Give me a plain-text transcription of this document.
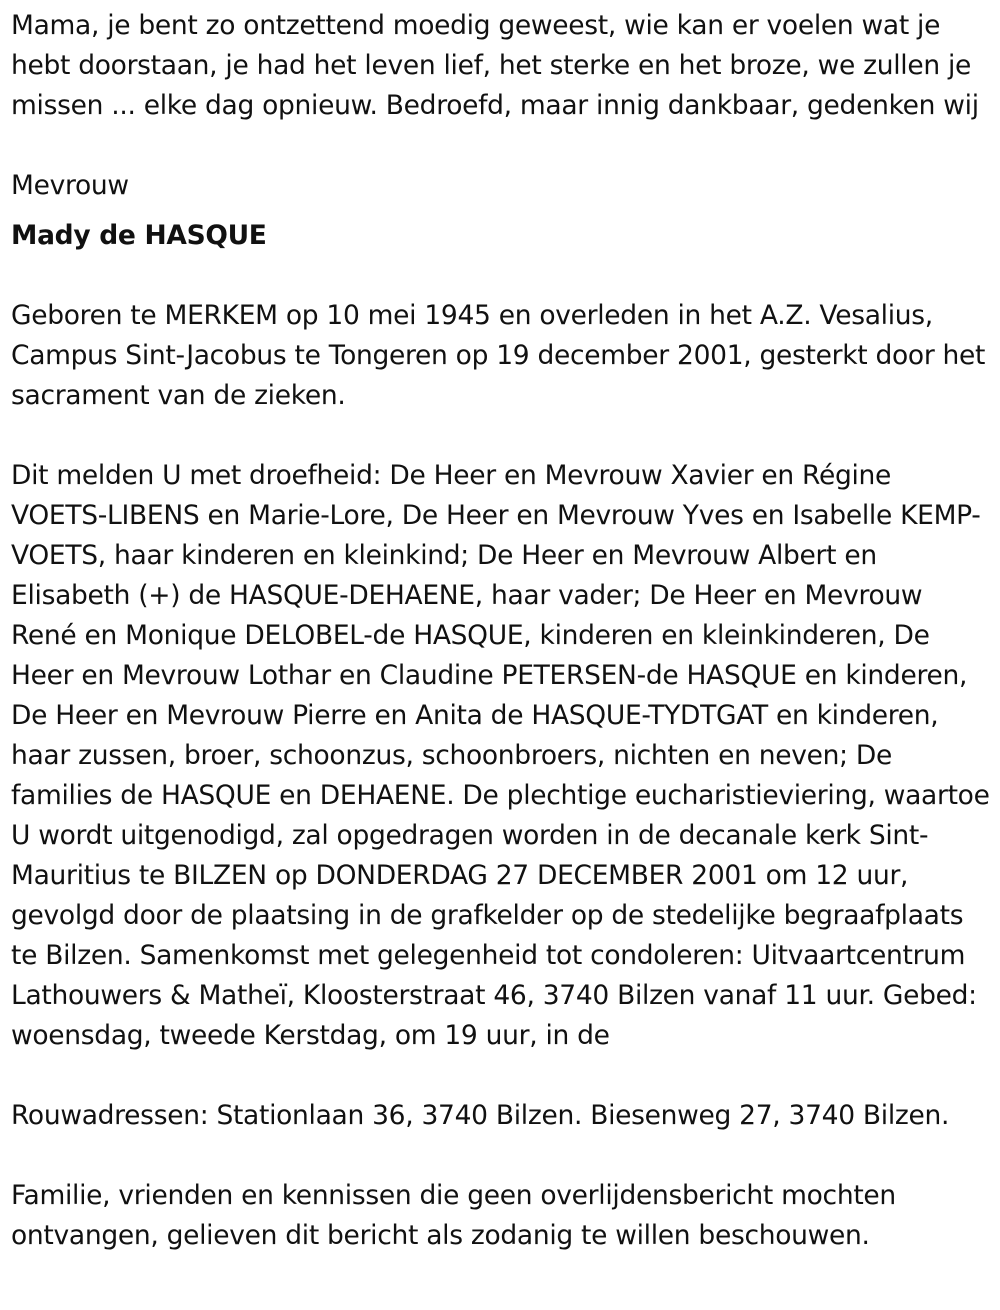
Mama, je bent zo ontzettend moedig geweest, wie kan er voelen wat je hebt doorstaan, je had het leven lief, het sterke en het broze, we zullen je missen ... elke dag opnieuw. Bedroefd, maar innig dankbaar, gedenken wij

Mevrouw

Mady de HASQUE

Geboren te MERKEM op 10 mei 1945 en overleden in het A.Z. Vesalius, Campus Sint-Jacobus te Tongeren op 19 december 2001, gesterkt door het sacrament van de zieken.

Dit melden U met droefheid: De Heer en Mevrouw Xavier en Régine VOETS-LIBENS en Marie-Lore, De Heer en Mevrouw Yves en Isabelle KEMP-VOETS, haar kinderen en kleinkind; De Heer en Mevrouw Albert en Elisabeth (+) de HASQUE-DEHAENE, haar vader; De Heer en Mevrouw René en Monique DELOBEL-de HASQUE, kinderen en kleinkinderen, De Heer en Mevrouw Lothar en Claudine PETERSEN-de HASQUE en kinderen, De Heer en Mevrouw Pierre en Anita de HASQUE-TYDTGAT en kinderen, haar zussen, broer, schoonzus, schoonbroers, nichten en neven; De families de HASQUE en DEHAENE. De plechtige eucharistieviering, waartoe U wordt uitgenodigd, zal opgedragen worden in de decanale kerk Sint-Mauritius te BILZEN op DONDERDAG 27 DECEMBER 2001 om 12 uur, gevolgd door de plaatsing in de grafkelder op de stedelijke begraafplaats te Bilzen. Samenkomst met gelegenheid tot condoleren: Uitvaartcentrum Lathouwers & Matheï, Kloosterstraat 46, 3740 Bilzen vanaf 11 uur. Gebed: woensdag, tweede Kerstdag, om 19 uur, in de

Rouwadressen: Stationlaan 36, 3740 Bilzen. Biesenweg 27, 3740 Bilzen.

Familie, vrienden en kennissen die geen overlijdensbericht mochten ontvangen, gelieven dit bericht als zodanig te willen beschouwen.
